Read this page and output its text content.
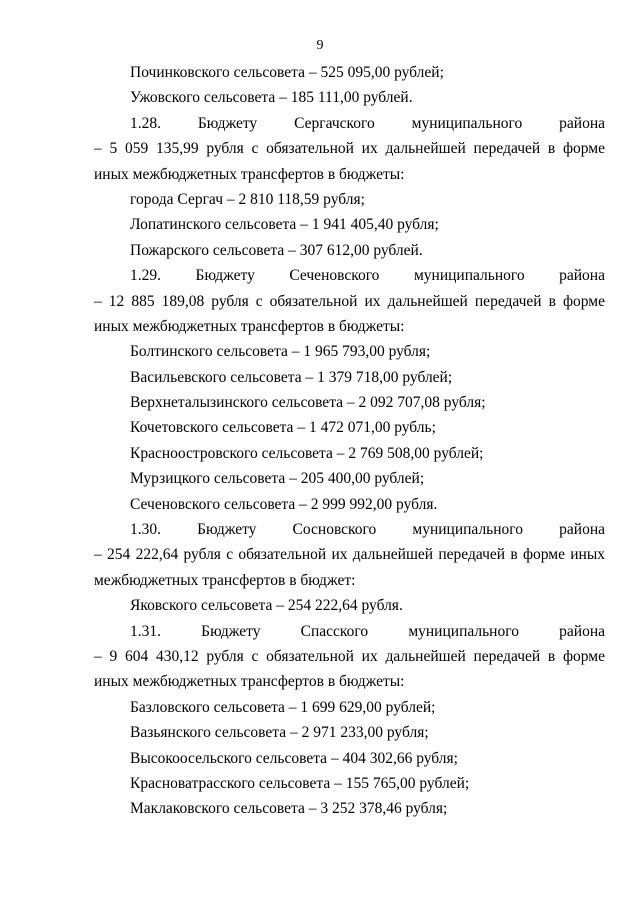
9
Починковского сельсовета – 525 095,00 рублей;
Ужовского сельсовета – 185 111,00 рублей.
1.28.   Бюджету   Сергачского   муниципального   района
– 5 059 135,99 рубля с обязательной их дальнейшей передачей в форме
иных межбюджетных трансфертов в бюджеты:
города Сергач – 2 810 118,59 рубля;
Лопатинского сельсовета – 1 941 405,40 рубля;
Пожарского сельсовета – 307 612,00 рублей.
1.29.   Бюджету   Сеченовского   муниципального   района
– 12 885 189,08 рубля с обязательной их дальнейшей передачей в форме
иных межбюджетных трансфертов в бюджеты:
Болтинского сельсовета – 1 965 793,00 рубля;
Васильевского сельсовета – 1 379 718,00 рублей;
Верхнеталызинского сельсовета – 2 092 707,08 рубля;
Кочетовского сельсовета – 1 472 071,00 рубль;
Красноостровского сельсовета – 2 769 508,00 рублей;
Мурзицкого сельсовета – 205 400,00 рублей;
Сеченовского сельсовета – 2 999 992,00 рубля.
1.30.   Бюджету   Сосновского   муниципального   района
– 254 222,64 рубля с обязательной их дальнейшей передачей в форме иных
межбюджетных трансфертов в бюджет:
Яковского сельсовета – 254 222,64 рубля.
1.31.   Бюджету   Спасского   муниципального   района
– 9 604 430,12 рубля с обязательной их дальнейшей передачей в форме
иных межбюджетных трансфертов в бюджеты:
Базловского сельсовета – 1 699 629,00 рублей;
Вазьянского сельсовета – 2 971 233,00 рубля;
Высокоосельского сельсовета – 404 302,66 рубля;
Красноватрасского сельсовета – 155 765,00 рублей;
Маклаковского сельсовета – 3 252 378,46 рубля;
